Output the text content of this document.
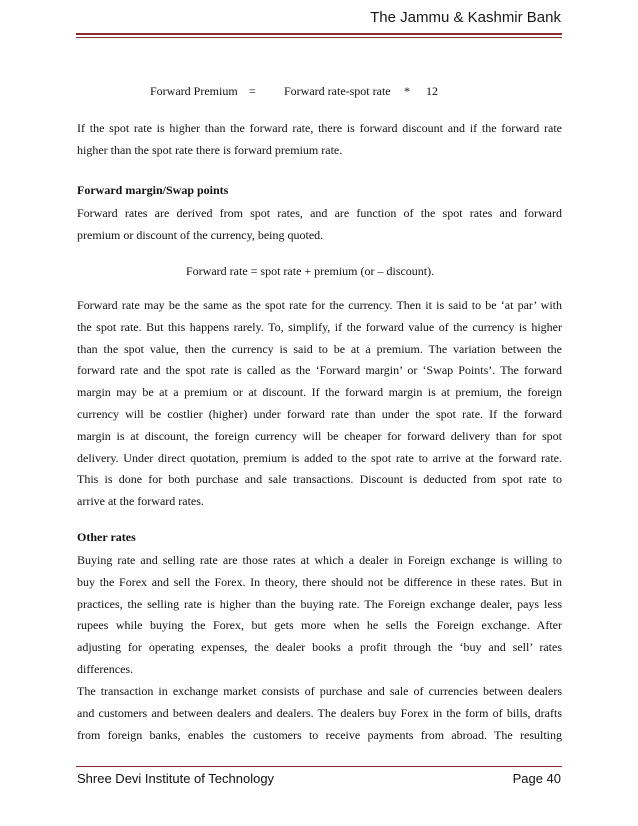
The Jammu & Kashmir Bank
Forward Premium = Forward rate-spot rate * 12
If the spot rate is higher than the forward rate, there is forward discount and if the forward rate
higher than the spot rate there is forward premium rate.
Forward margin/Swap points
Forward rates are derived from spot rates, and are function of the spot rates and forward
premium or discount of the currency, being quoted.
Forward rate = spot rate + premium (or – discount).
Forward rate may be the same as the spot rate for the currency. Then it is said to be ‘at par’ with
the spot rate. But this happens rarely. To, simplify, if the forward value of the currency is higher
than the spot value, then the currency is said to be at a premium. The variation between the
forward rate and the spot rate is called as the ‘Forward margin’ or ‘Swap Points’. The forward
margin may be at a premium or at discount. If the forward margin is at premium, the foreign
currency will be costlier (higher) under forward rate than under the spot rate. If the forward
margin is at discount, the foreign currency will be cheaper for forward delivery than for spot
delivery. Under direct quotation, premium is added to the spot rate to arrive at the forward rate.
This is done for both purchase and sale transactions. Discount is deducted from spot rate to
arrive at the forward rates.
Other rates
Buying rate and selling rate are those rates at which a dealer in Foreign exchange is willing to
buy the Forex and sell the Forex. In theory, there should not be difference in these rates. But in
practices, the selling rate is higher than the buying rate. The Foreign exchange dealer, pays less
rupees while buying the Forex, but gets more when he sells the Foreign exchange. After
adjusting for operating expenses, the dealer books a profit through the ‘buy and sell’ rates
differences.
The transaction in exchange market consists of purchase and sale of currencies between dealers
and customers and between dealers and dealers. The dealers buy Forex in the form of bills, drafts
from foreign banks, enables the customers to receive payments from abroad. The resulting
Shree Devi Institute of Technology	Page 40
